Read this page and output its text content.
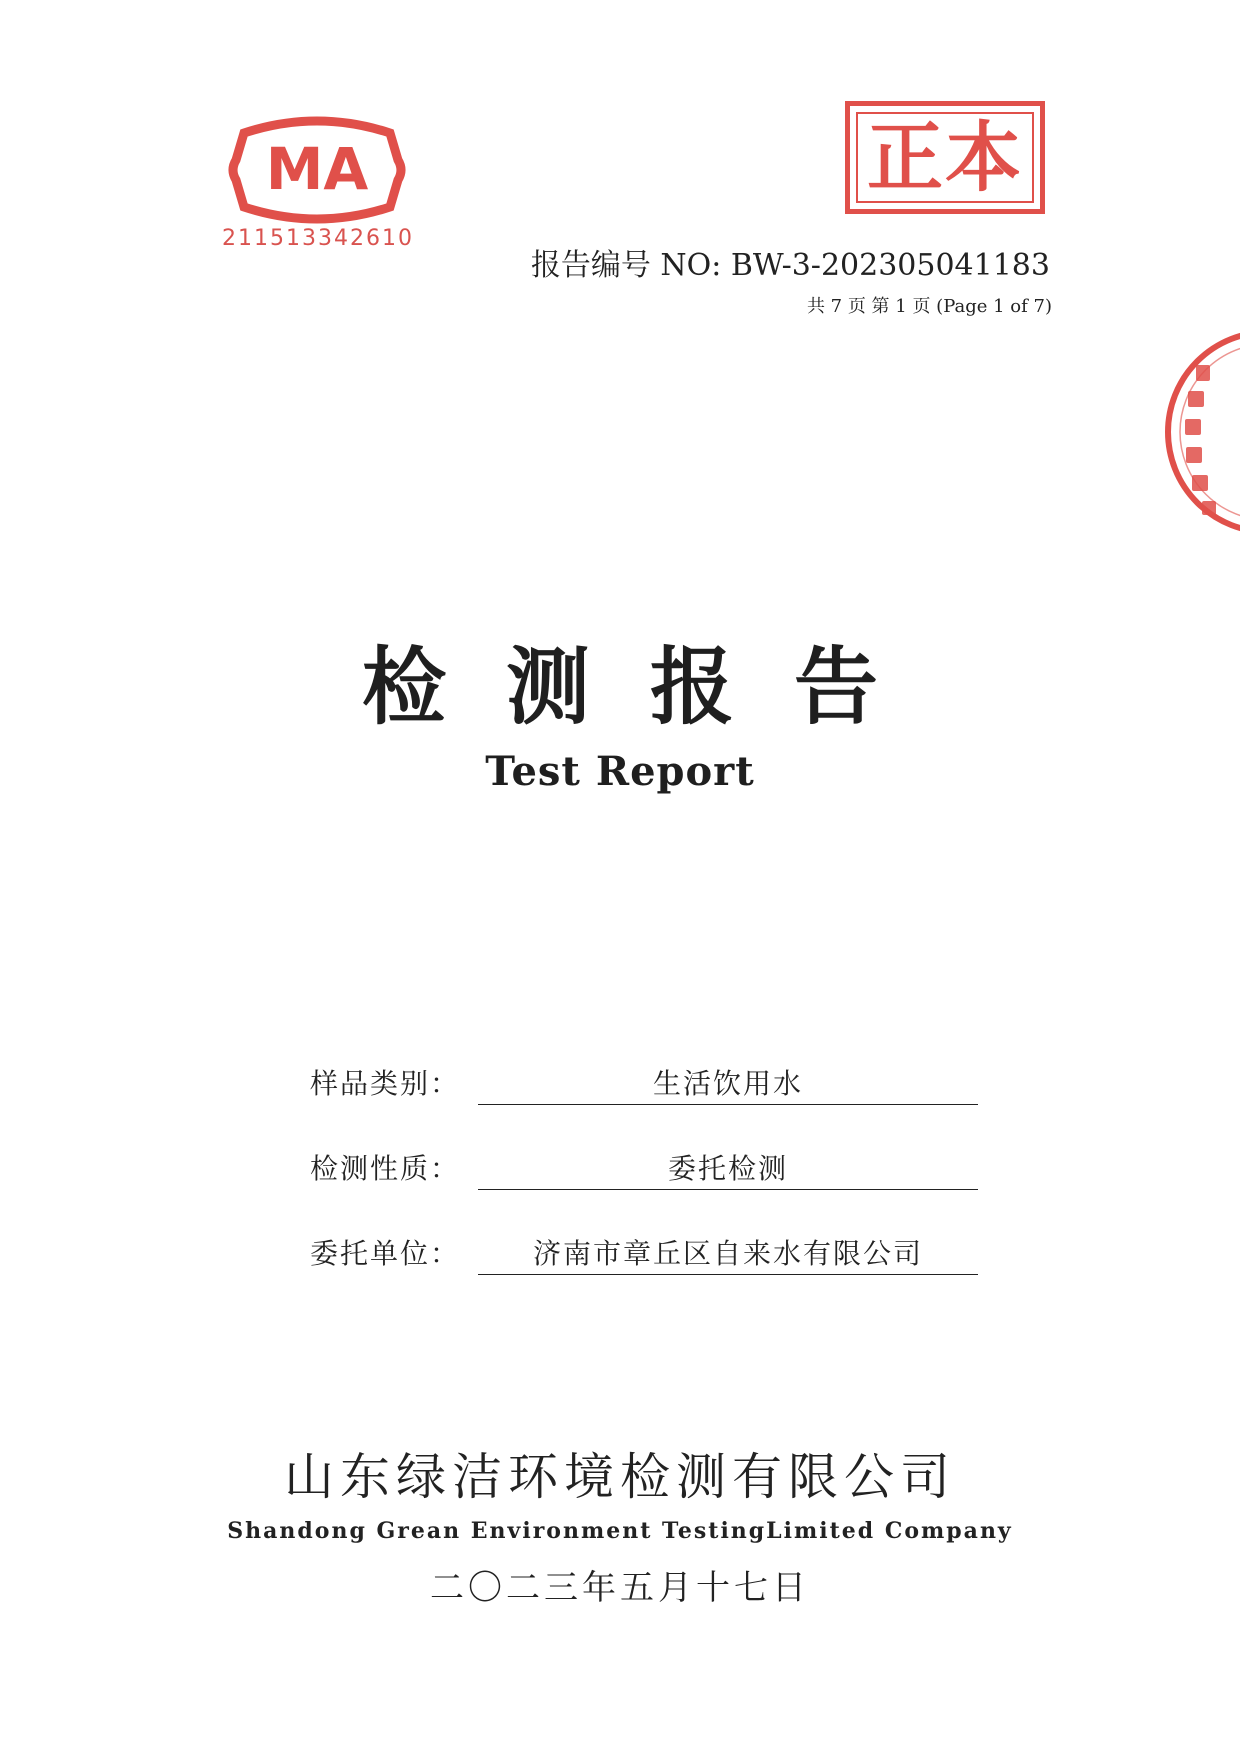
MA
211513342610
正本
报告编号 NO: BW-3-202305041183
共 7 页 第 1 页 (Page 1 of 7)
检测报告
Test Report
样品类别：	生活饮用水
检测性质：	委托检测
委托单位：	济南市章丘区自来水有限公司
山东绿洁环境检测有限公司
Shandong Grean Environment TestingLimited Company
二〇二三年五月十七日
